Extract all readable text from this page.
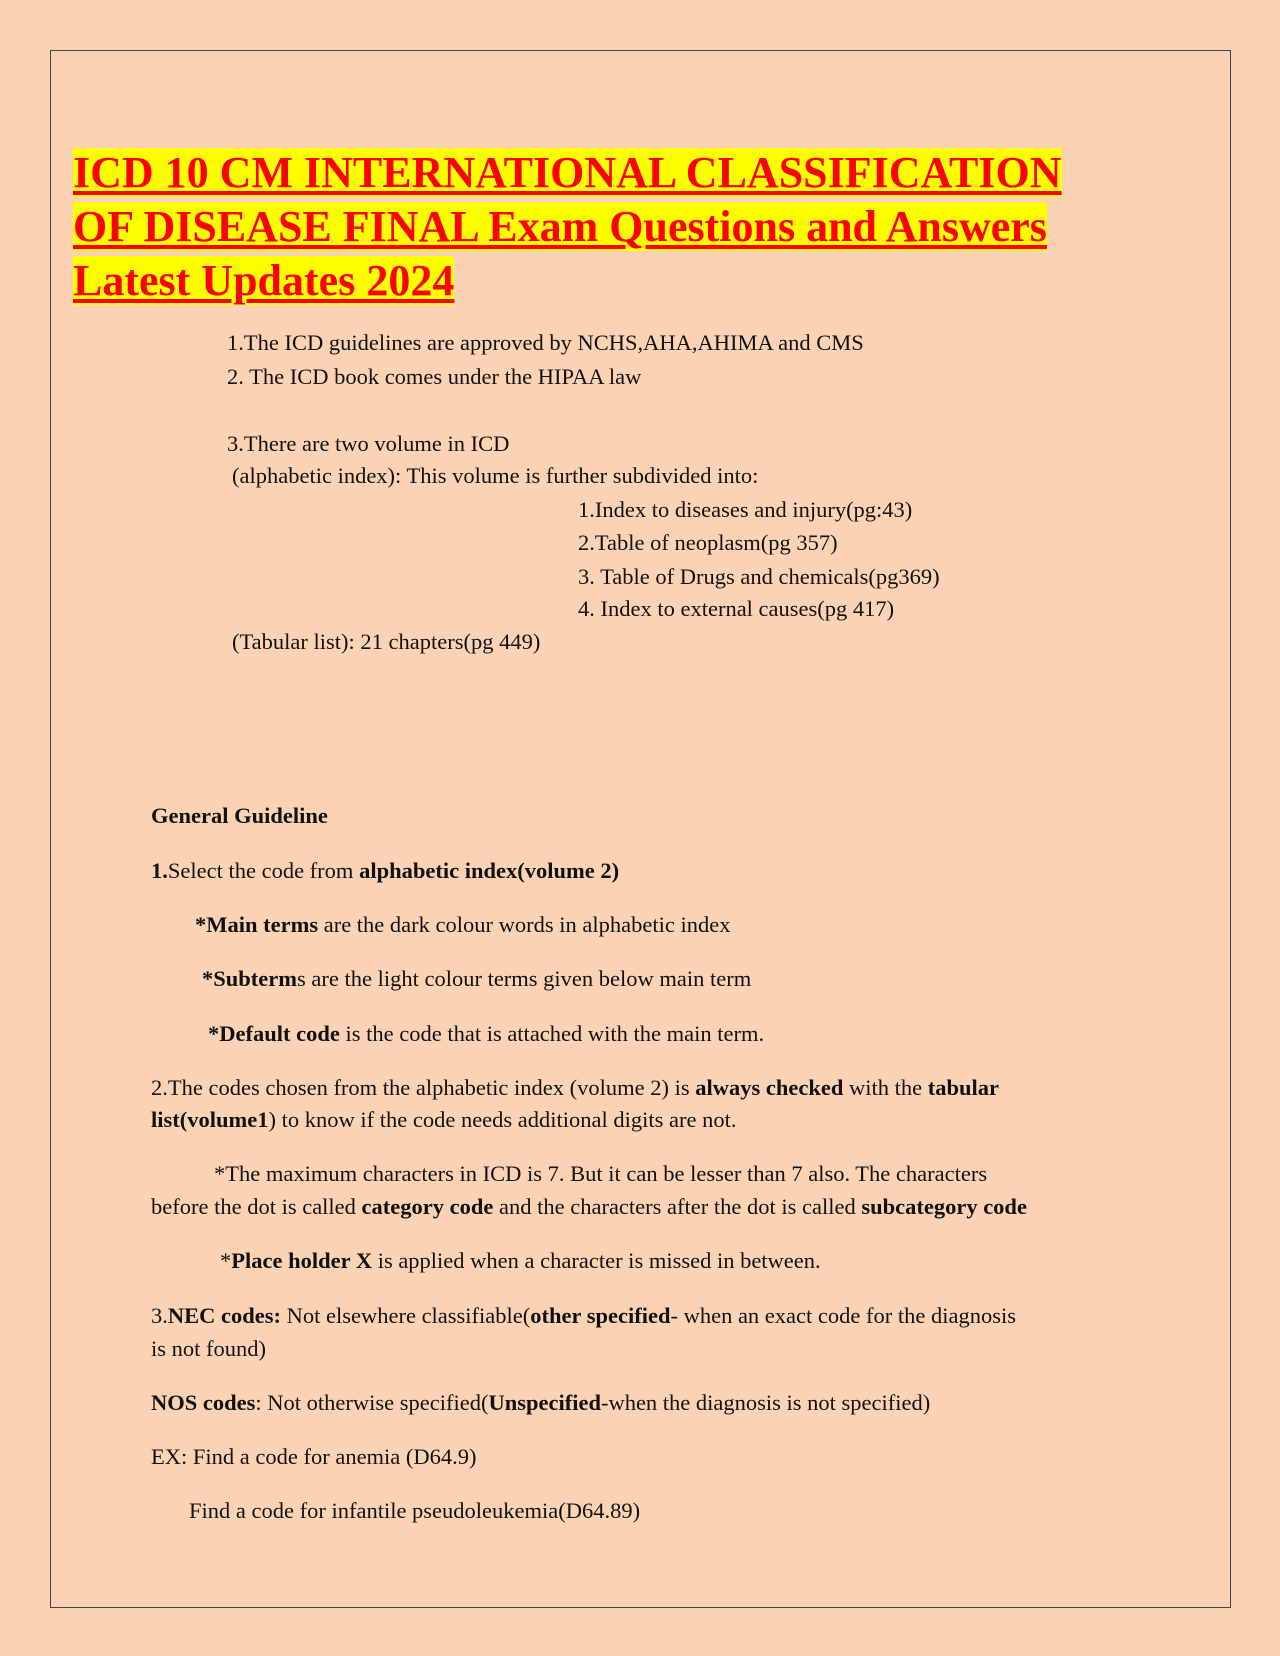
ICD 10 CM INTERNATIONAL CLASSIFICATION
OF DISEASE FINAL Exam Questions and Answers
Latest Updates 2024
1.The ICD guidelines are approved by NCHS,AHA,AHIMA and CMS
2. The ICD book comes under the HIPAA law
3.There are two volume in ICD
(alphabetic index): This volume is further subdivided into:
1.Index to diseases and injury(pg:43)
2.Table of neoplasm(pg 357)
3. Table of Drugs and chemicals(pg369)
4. Index to external causes(pg 417)
(Tabular list): 21 chapters(pg 449)
General Guideline
1.Select the code from alphabetic index(volume 2)
*Main terms are the dark colour words in alphabetic index
*Subterms are the light colour terms given below main term
*Default code is the code that is attached with the main term.
2.The codes chosen from the alphabetic index (volume 2) is always checked with the tabular
list(volume1) to know if the code needs additional digits are not.
*The maximum characters in ICD is 7. But it can be lesser than 7 also. The characters
before the dot is called category code and the characters after the dot is called subcategory code
*Place holder X is applied when a character is missed in between.
3.NEC codes: Not elsewhere classifiable(other specified- when an exact code for the diagnosis
is not found)
NOS codes: Not otherwise specified(Unspecified-when the diagnosis is not specified)
EX: Find a code for anemia (D64.9)
Find a code for infantile pseudoleukemia(D64.89)
